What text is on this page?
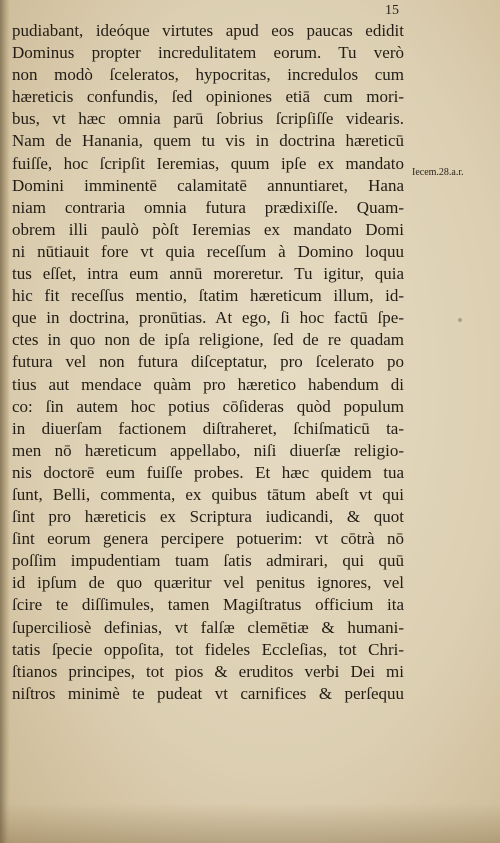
15
pudiabant, ideóque virtutes apud eos paucas edidit
Dominus propter incredulitatem eorum. Tu verò
non modò ſceleratos, hypocritas, incredulos cum
hæreticis confundis, ſed opiniones etiā cum mori-
bus, vt hæc omnia parū ſobrius ſcripſiſſe videaris.
Nam de Hanania, quem tu vis in doctrina hæreticū
fuiſſe, hoc ſcripſit Ieremias, quum ipſe ex mandato
Domini imminentē calamitatē annuntiaret, Hana
niam contraria omnia futura prædixiſſe. Quam-
obrem illi paulò pòſt Ieremias ex mandato Domi
ni nūtiauit fore vt quia receſſum à Domino loquu
tus eſſet, intra eum annū moreretur. Tu igitur, quia
hic fit receſſus mentio, ſtatim hæreticum illum, id-
que in doctrina, pronūtias. At ego, ſi hoc factū ſpe-
ctes in quo non de ipſa religione, ſed de re quadam
futura vel non futura diſceptatur, pro ſcelerato po
tius aut mendace quàm pro hæretico habendum di
co: ſin autem hoc potius cōſideras quòd populum
in diuerſam factionem diſtraheret, ſchiſmaticū ta-
men nō hæreticum appellabo, niſi diuerſæ religio-
nis doctorē eum fuiſſe probes. Et hæc quidem tua
ſunt, Belli, commenta, ex quibus tātum abeſt vt qui
ſint pro hæreticis ex Scriptura iudicandi, & quot
ſint eorum genera percipere potuerim: vt cōtrà nō
poſſim impudentiam tuam ſatis admirari, qui quū
id ipſum de quo quæritur vel penitus ignores, vel
ſcire te diſſimules, tamen Magiſtratus officium ita
ſuperciliosè definias, vt falſæ clemētiæ & humani-
tatis ſpecie oppoſita, tot fideles Eccleſias, tot Chri-
ſtianos principes, tot pios & eruditos verbi Dei mi
niſtros minimè te pudeat vt carnifices & perſequu
Iecem.28.a.r.
